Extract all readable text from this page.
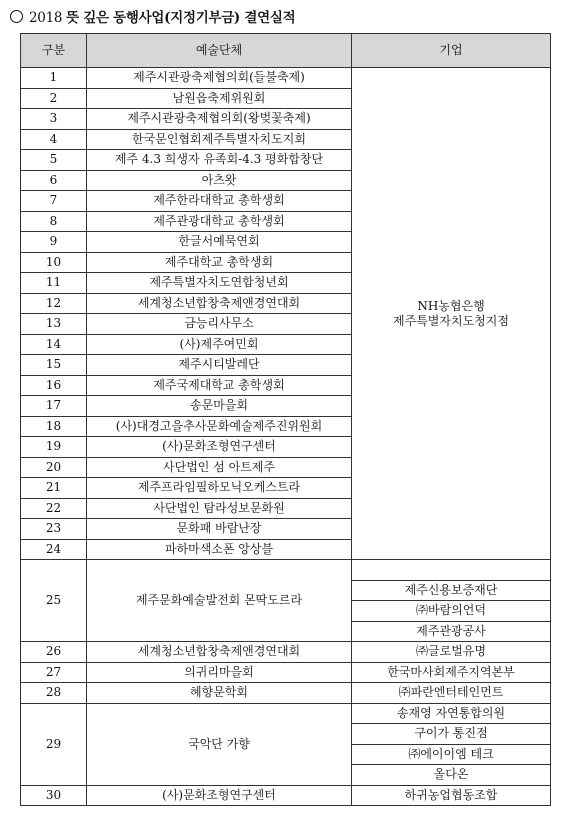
2018 뜻 깊은 동행사업(지정기부금) 결연실적
구분	예술단체	기업
1	제주시관광축제협의회(들불축제)	NH농협은행
제주특별자치도청지점

2	남원읍축제위원회	
3	제주시관광축제협의회(왕벚꽃축제)	
4	한국문인협회제주특별자치도지회	
5	제주 4.3 희생자 유족회-4.3 평화합창단	
6	아츠왓	
7	제주한라대학교 총학생회	
8	제주관광대학교 총학생회	
9	한글서예묵연회	
10	제주대학교 총학생회	
11	제주특별자치도연합청년회	
12	세계청소년합창축제앤경연대회	
13	금능리사무소	
14	(사)제주여민회	
15	제주시티발레단	
16	제주국제대학교 총학생회	
17	송문마을회	
18	(사)대경고을추사문화예술제주진위원회	
19	(사)문화조형연구센터	
20	사단법인 섬 아트제주	
21	제주프라임필하모닉오케스트라	
22	사단법인 탐라성보문화원	
23	문화패 바람난장	
24	파하마색소폰 앙상블	
25	제주문화예술발전회 몬딱도르라	
		제주신용보증재단
		㈜바람의언덕
		제주관광공사
26	세계청소년합창축제앤경연대회	㈜글로벌유명
27	의귀리마을회	한국마사회제주지역본부
28	혜향문학회	㈜파란엔터테인먼트
29	국악단 가향	송재영 자연통합의원
		구이가 통진점
		㈜에이이엠 테크
		올다온
30	(사)문화조형연구센터	하귀농업협동조합
